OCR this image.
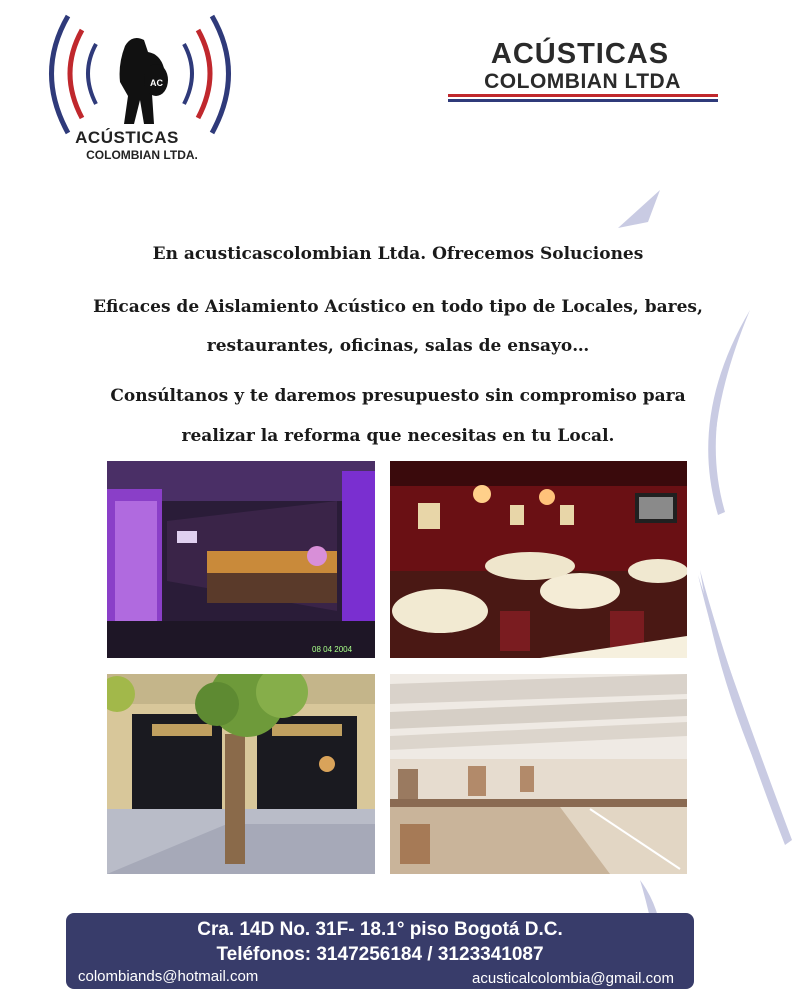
AC
ACÚSTICAS
COLOMBIAN LTDA.
ACÚSTICAS
COLOMBIAN LTDA
En acusticascolombian Ltda. Ofrecemos Soluciones
Eficaces de Aislamiento Acústico en todo tipo de Locales, bares,
restaurantes, oficinas, salas de ensayo…
Consúltanos y te daremos presupuesto sin compromiso para
realizar la reforma que necesitas en tu Local.
08 04 2004
Cra. 14D No. 31F- 18.1° piso Bogotá D.C.
Teléfonos: 3147256184 / 3123341087
colombiands@hotmail.com	acusticalcolombia@gmail.com
